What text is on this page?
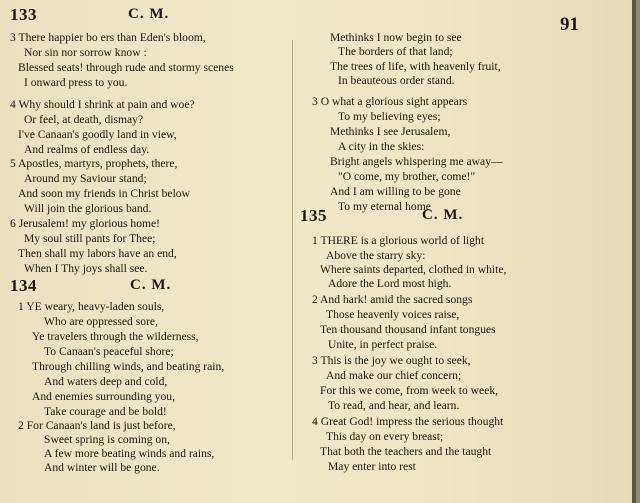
91
133	C. M.
3 There happier bo ers than Eden's bloom,
Nor sin nor sorrow know :
Blessed seats! through rude and stormy scenes
I onward press to you.
4 Why should I shrink at pain and woe?
Or feel, at death, dismay?
I've Canaan's goodly land in view,
And realms of endless day.
5 Apostles, martyrs, prophets, there,
Around my Saviour stand;
And soon my friends in Christ below
Will join the glorious band.
6 Jerusalem! my glorious home!
My soul still pants for Thee;
Then shall my labors have an end,
When I Thy joys shall see.
134	C. M.
1 YE weary, heavy-laden souls,
Who are oppressed sore,
Ye travelers through the wilderness,
To Canaan's peaceful shore;
Through chilling winds, and beating rain,
And waters deep and cold,
And enemies surrounding you,
Take courage and be bold!
2 For Canaan's land is just before,
Sweet spring is coming on,
A few more beating winds and rains,
And winter will be gone.
Methinks I now begin to see
The borders of that land;
The trees of life, with heavenly fruit,
In beauteous order stand.
3 O what a glorious sight appears
To my believing eyes;
Methinks I see Jerusalem,
A city in the skies:
Bright angels whispering me away—
"O come, my brother, come!"
And I am willing to be gone
To my eternal home
135	C. M.
1 THERE is a glorious world of light
Above the starry sky:
Where saints departed, clothed in white,
Adore the Lord most high.
2 And hark! amid the sacred songs
Those heavenly voices raise,
Ten thousand thousand infant tongues
Unite, in perfect praise.
3 This is the joy we ought to seek,
And make our chief concern;
For this we come, from week to week,
To read, and hear, and learn.
4 Great God! impress the serious thought
This day on every breast;
That both the teachers and the taught
May enter into rest
